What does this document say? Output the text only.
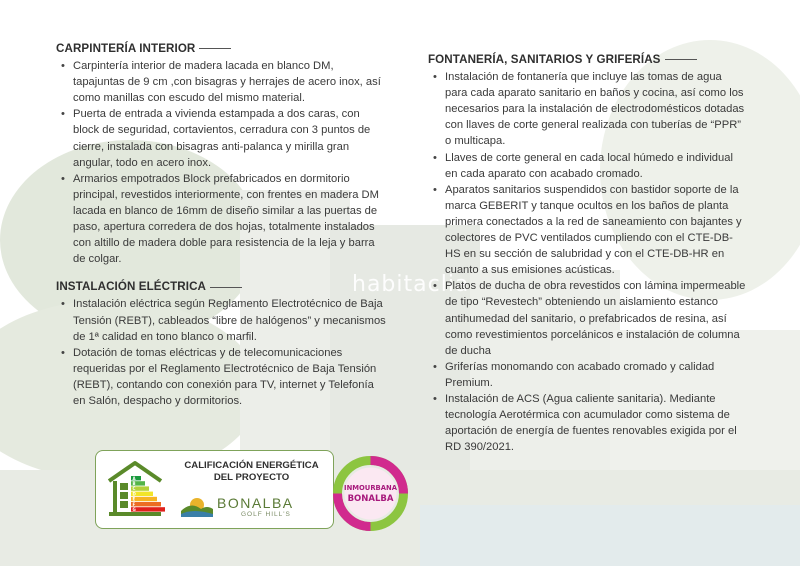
habitaclia
CARPINTERÍA INTERIOR
• Carpintería interior de madera lacada en blanco DM, tapajuntas de 9 cm ,con bisagras y herrajes de acero inox, así como manillas con escudo del mismo material.
• Puerta de entrada a vivienda estampada a dos caras, con block de seguridad, cortavientos, cerradura con 3 puntos de cierre, instalada con bisagras anti-palanca y mirilla gran angular, todo en acero inox.
• Armarios empotrados Block prefabricados en dormitorio principal, revestidos interiormente, con frentes en madera DM lacada en blanco de 16mm de diseño similar a las puertas de paso, apertura corredera de dos hojas, totalmente instalados con altillo de madera doble para resistencia de la leja y barra de colgar.
INSTALACIÓN ELÉCTRICA
• Instalación eléctrica según Reglamento Electrotécnico de Baja Tensión (REBT), cableados “libre de halógenos” y mecanismos de 1ª calidad en tono blanco o marfil.
• Dotación de tomas eléctricas y de telecomunicaciones requeridas por el Reglamento Electrotécnico de Baja Tensión (REBT), contando con conexión para TV, internet y Telefonía en Salón, despacho y dormitorios.
FONTANERÍA, SANITARIOS Y GRIFERÍAS
• Instalación de fontanería que incluye las tomas de agua para cada aparato sanitario en baños y cocina, así como los necesarios para la instalación de electrodomésticos dotadas con llaves de corte general realizada con tuberías de “PPR” o multicapa.
• Llaves de corte general en cada local húmedo e individual en cada aparato con acabado cromado.
• Aparatos sanitarios suspendidos con bastidor soporte de la marca GEBERIT y tanque ocultos en los baños de planta primera conectados a la red de saneamiento con bajantes y colectores de PVC ventilados cumpliendo con el CTE-DB-HS en su sección de salubridad y con el CTE-DB-HR en cuanto a sus emisiones acústicas.
• Platos de ducha de obra revestidos con lámina impermeable de tipo “Revestech” obteniendo un aislamiento estanco antihumedad del sanitario, o prefabricados de resina, así como revestimientos porcelánicos e instalación de columna de ducha
• Griferías monomando con acabado cromado y calidad Premium.
• Instalación de ACS (Agua caliente sanitaria). Mediante tecnología Aerotérmica con acumulador como sistema de aportación de energía de fuentes renovables exigida por el RD 390/2021.
A
B
C
D
E
F
G
CALIFICACIÓN ENERGÉTICA
DEL PROYECTO
BONALBA
GOLF HILL'S
INMOURBANA
BONALBA
